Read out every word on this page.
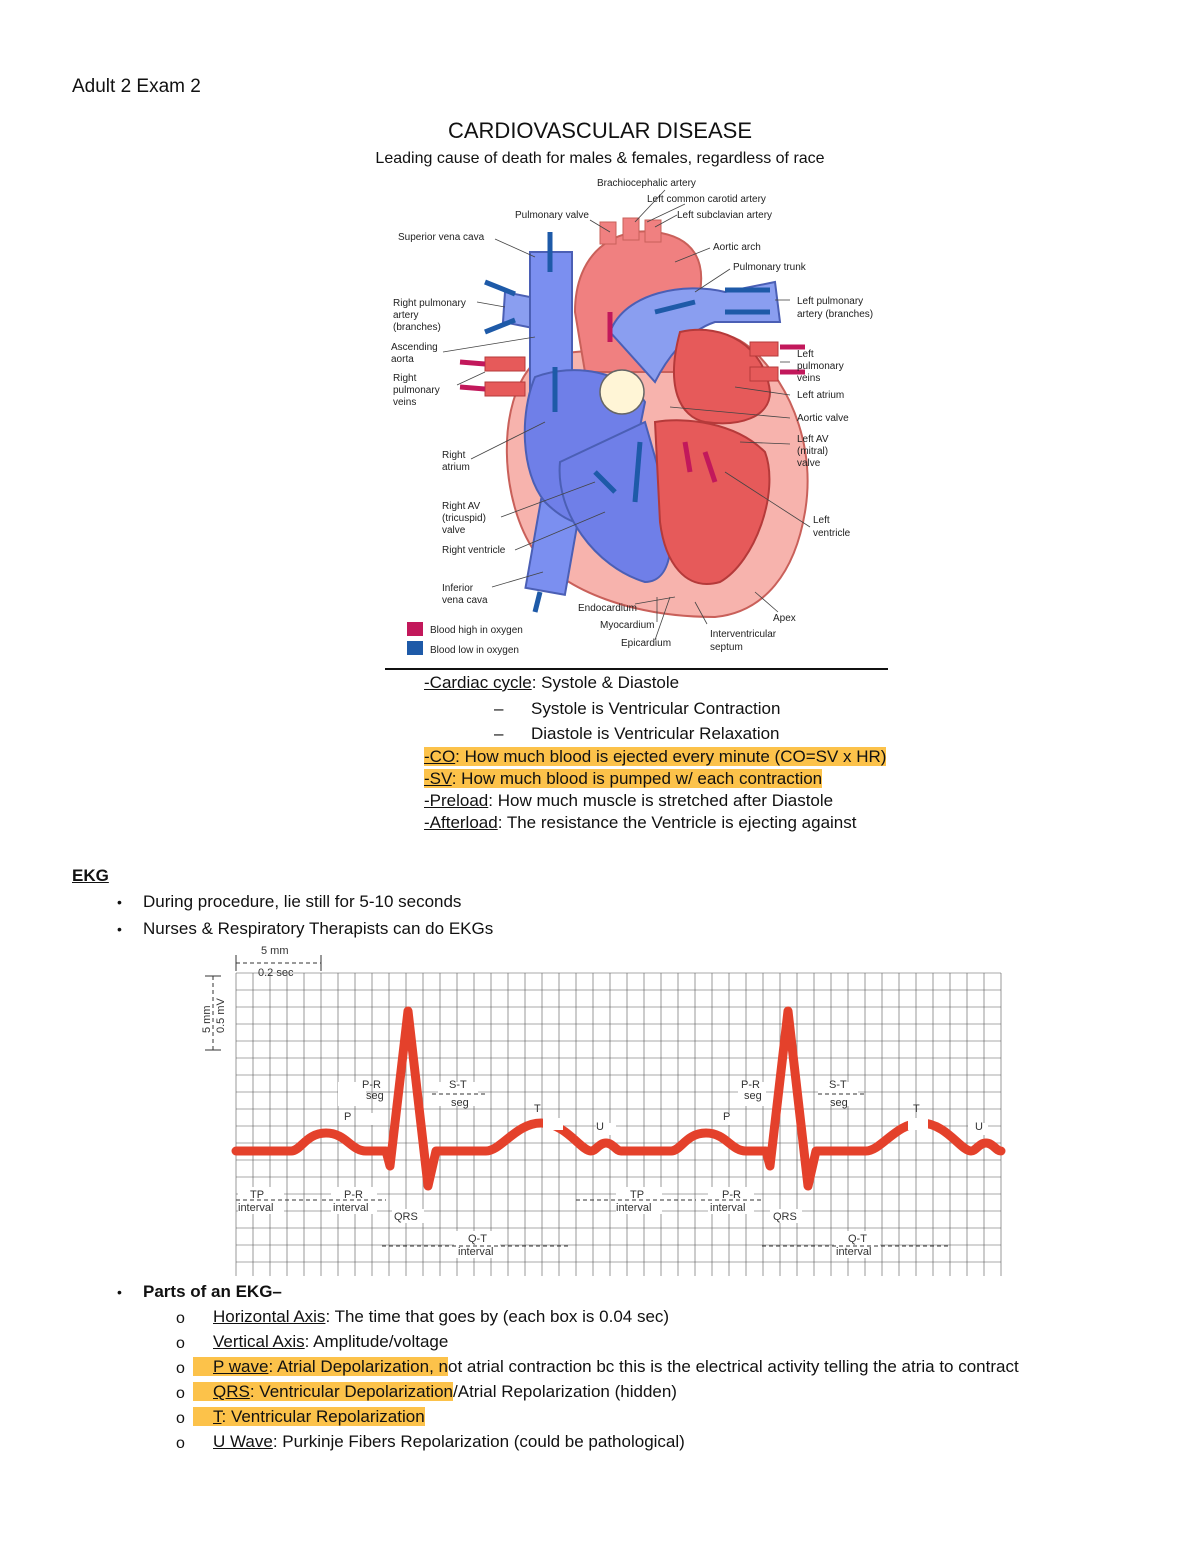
Adult 2 Exam 2
CARDIOVASCULAR DISEASE
Leading cause of death for males & females, regardless of race
Brachiocephalic artery
Left common carotid artery
Left subclavian artery
Pulmonary valve
Superior vena cava
Aortic arch
Pulmonary trunk
Right pulmonary
artery
(branches)
Left pulmonary
artery (branches)
Ascending
aorta
Right
pulmonary
veins
Left
pulmonary
veins
Left atrium
Aortic valve
Left AV
(mitral)
valve
Right
atrium
Right AV
(tricuspid)
valve
Right ventricle
Left
ventricle
Inferior
vena cava
Endocardium
Myocardium
Epicardium
Apex
Interventricular
septum
Blood high in oxygen
Blood low in oxygen
-Cardiac cycle: Systole & Diastole
– Systole is Ventricular Contraction
– Diastole is Ventricular Relaxation
-CO: How much blood is ejected every minute (CO=SV x HR)
-SV: How much blood is pumped w/ each contraction
-Preload: How much muscle is stretched after Diastole
-Afterload: The resistance the Ventricle is ejecting against
EKG
• During procedure, lie still for 5-10 seconds
• Nurses & Respiratory Therapists can do EKGs
5 mm
0.2 sec
5 mm 0.5 mV
P-R
seg
S-T
seg
P
T
U
TP
interval
P-R
interval
QRS
Q-T
interval
P-R
seg
S-T
seg
P
T
U
TP
interval
P-R
interval
QRS
Q-T
interval
• Parts of an EKG–
o Horizontal Axis: The time that goes by (each box is 0.04 sec)
o Vertical Axis: Amplitude/voltage
o	P wave: Atrial Depolarization, not atrial contraction bc this is the electrical activity telling the atria to contract
o	QRS: Ventricular Depolarization/Atrial Repolarization (hidden)
o	T: Ventricular Repolarization
o U Wave: Purkinje Fibers Repolarization (could be pathological)
